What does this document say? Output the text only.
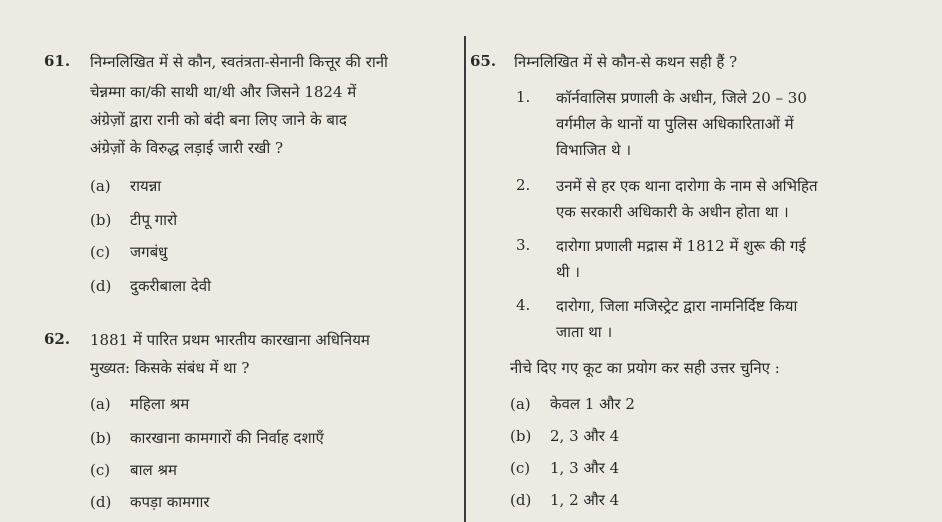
61. निम्नलिखित में से कौन, स्वतंत्रता-सेनानी कित्तूर की रानी
चेन्नम्मा का/की साथी था/थी और जिसने 1824 में
अंग्रेज़ों द्वारा रानी को बंदी बना लिए जाने के बाद
अंग्रेज़ों के विरुद्ध लड़ाई जारी रखी ?
(a) रायन्ना
(b) टीपू गारो
(c) जगबंधु
(d) दुकरीबाला देवी
62. 1881 में पारित प्रथम भारतीय कारखाना अधिनियम
मुख्यत: किसके संबंध में था ?
(a) महिला श्रम
(b) कारखाना कामगारों की निर्वाह दशाएँ
(c) बाल श्रम
(d) कपड़ा कामगार
65. निम्नलिखित में से कौन-से कथन सही हैं ?
1. कॉर्नवालिस प्रणाली के अधीन, जिले 20 – 30
वर्गमील के थानों या पुलिस अधिकारिताओं में
विभाजित थे ।
2. उनमें से हर एक थाना दारोगा के नाम से अभिहित
एक सरकारी अधिकारी के अधीन होता था ।
3. दारोगा प्रणाली मद्रास में 1812 में शुरू की गई
थी ।
4. दारोगा, जिला मजिस्ट्रेट द्वारा नामनिर्दिष्ट किया
जाता था ।
नीचे दिए गए कूट का प्रयोग कर सही उत्तर चुनिए :
(a) केवल 1 और 2
(b) 2, 3 और 4
(c) 1, 3 और 4
(d) 1, 2 और 4
